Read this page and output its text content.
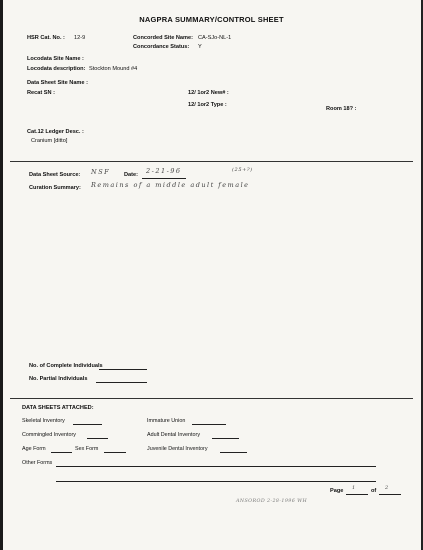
NAGPRA SUMMARY/CONTROL SHEET
HSR Cat. No. : 12-9	Concorded Site Name: CA-SJo-NL-1
Concordance Status: Y
Locodata Site Name :
Locodata description: Stockton Mound #4
Data Sheet Site Name :
Recat SN :	12/ 1or2 New# :
12/ 1or2 Type :
Room 18? :
Cat.12 Ledger Desc. :
Cranium [ditto]
Data Sheet Source: NSF Date: 2-21-96	(25+?)
Curation Summary: Remains of a middle adult female
No. of Complete Individuals
No. Partial Individuals
DATA SHEETS ATTACHED:
Skeletal Inventory	Immature Union
Commingled Inventory	Adult Dental Inventory
Age Form	Sex Form	Juvenile Dental Inventory
Other Forms
Page 1	of 2
ANSOROD 2-28-1996 WH
